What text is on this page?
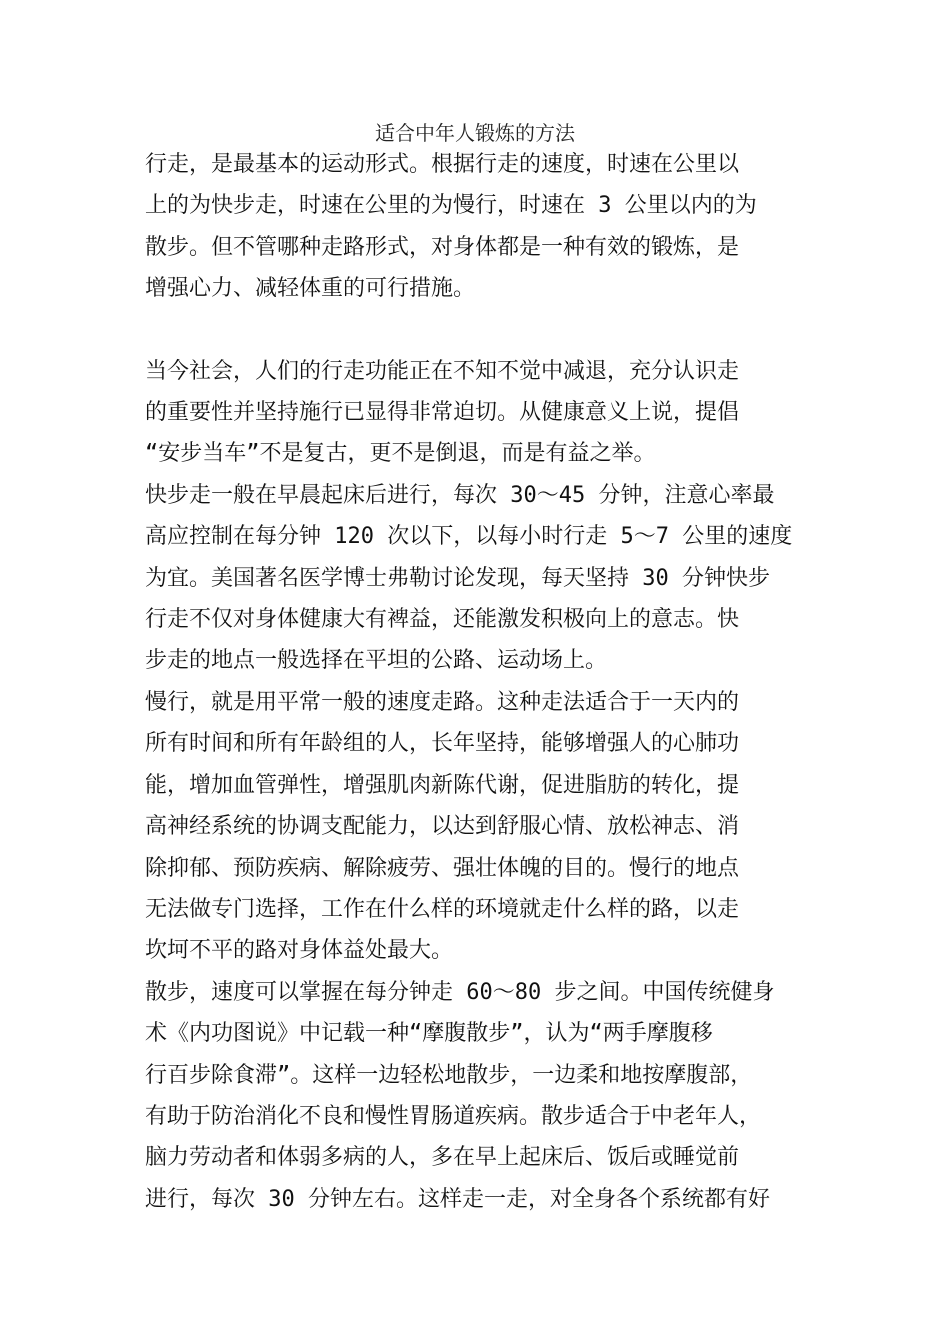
适合中年人锻炼的方法
行走，是最基本的运动形式。根据行走的速度，时速在公里以
上的为快步走，时速在公里的为慢行，时速在 3 公里以内的为
散步。但不管哪种走路形式，对身体都是一种有效的锻炼，是
增强心力、减轻体重的可行措施。
当今社会，人们的行走功能正在不知不觉中减退，充分认识走
的重要性并坚持施行已显得非常迫切。从健康意义上说，提倡
“安步当车”不是复古，更不是倒退，而是有益之举。
快步走一般在早晨起床后进行，每次 30～45 分钟，注意心率最
高应控制在每分钟 120 次以下，以每小时行走 5～7 公里的速度
为宜。美国著名医学博士弗勒讨论发现，每天坚持 30 分钟快步
行走不仅对身体健康大有裨益，还能激发积极向上的意志。快
步走的地点一般选择在平坦的公路、运动场上。
慢行，就是用平常一般的速度走路。这种走法适合于一天内的
所有时间和所有年龄组的人，长年坚持，能够增强人的心肺功
能，增加血管弹性，增强肌肉新陈代谢，促进脂肪的转化，提
高神经系统的协调支配能力，以达到舒服心情、放松神志、消
除抑郁、预防疾病、解除疲劳、强壮体魄的目的。慢行的地点
无法做专门选择，工作在什么样的环境就走什么样的路，以走
坎坷不平的路对身体益处最大。
散步，速度可以掌握在每分钟走 60～80 步之间。中国传统健身
术《内功图说》中记载一种“摩腹散步”，认为“两手摩腹移
行百步除食滞”。这样一边轻松地散步，一边柔和地按摩腹部，
有助于防治消化不良和慢性胃肠道疾病。散步适合于中老年人，
脑力劳动者和体弱多病的人，多在早上起床后、饭后或睡觉前
进行，每次 30 分钟左右。这样走一走，对全身各个系统都有好
